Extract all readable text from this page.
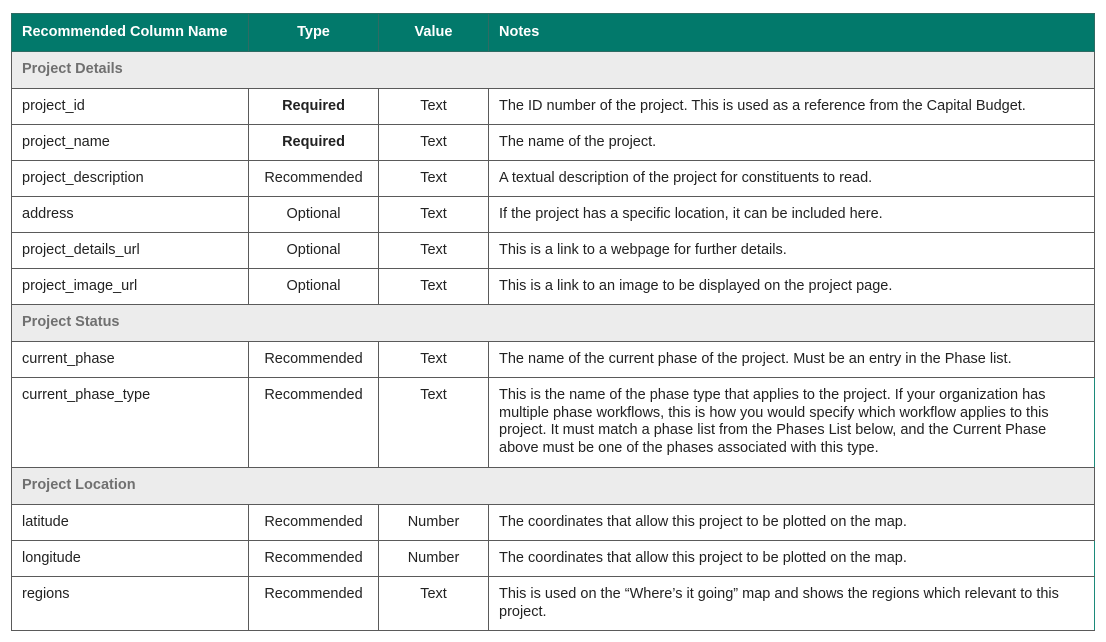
Recommended Column Name	Type	Value	Notes
Project Details			
project_id	Required	Text	The ID number of the project. This is used as a reference from the Capital Budget.
project_name	Required	Text	The name of the project.
project_description	Recommended	Text	A textual description of the project for constituents to read.
address	Optional	Text	If the project has a specific location, it can be included here.
project_details_url	Optional	Text	This is a link to a webpage for further details.
project_image_url	Optional	Text	This is a link to an image to be displayed on the project page.
Project Status			
current_phase	Recommended	Text	The name of the current phase of the project. Must be an entry in the Phase list.
current_phase_type	Recommended	Text	This is the name of the phase type that applies to the project. If your organization has multiple phase workflows, this is how you would specify which workflow applies to this project. It must match a phase list from the Phases List below, and the Current Phase above must be one of the phases associated with this type.
Project Location			
latitude	Recommended	Number	The coordinates that allow this project to be plotted on the map.
longitude	Recommended	Number	The coordinates that allow this project to be plotted on the map.
regions	Recommended	Text	This is used on the “Where’s it going” map and shows the regions which relevant to this project.
